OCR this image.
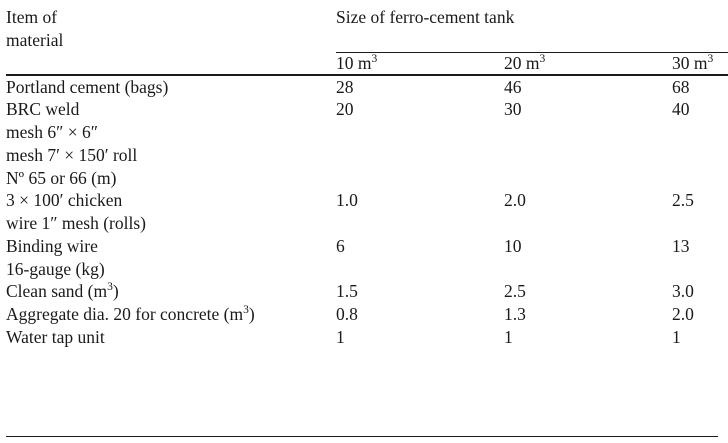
Item of
material	Size of ferro-cement tank		

	10 $m^3$	20 $m^3$	30 $m^3$

Portland cement (bags)	28	46	68

BRC weld
mesh 6″ × 6″
mesh 7′ × 150′ roll
Nº 65 or 66 (m)	20	30	40

3 × 100′ chicken
wire 1″ mesh (rolls)	1.0	2.0	2.5

Binding wire
16-gauge (kg)	6	10	13
Clean sand $(m^3)$	1.5	2.5	3.0
Aggregate dia. 20 for concrete $(m^3)$	0.8	1.3	2.0
Water tap unit	1	1	1
